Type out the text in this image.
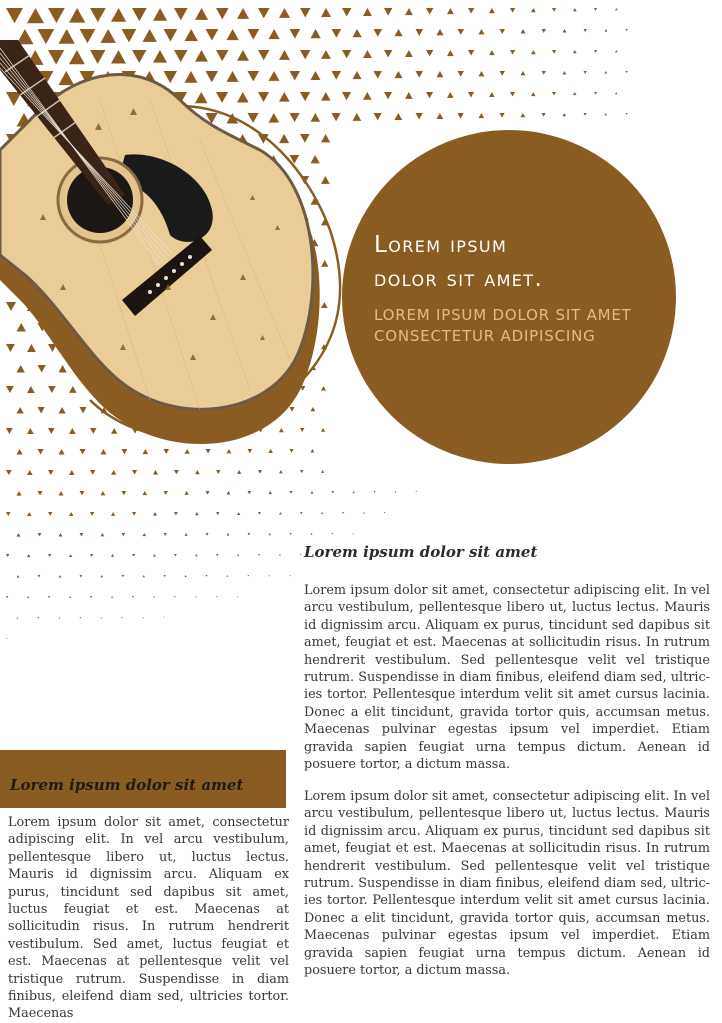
Lorem ipsum
dolor sit amet.

LOREM IPSUM DOLOR SIT AMET
CONSECTETUR ADIPISCING

Lorem ipsum dolor sit amet

Lorem ipsum dolor sit amet, consectetur adipiscing elit. In vel arcu vestibulum, pellentesque libero ut, luctus lectus. Mauris id dignissim arcu. Aliquam ex purus, tincidunt sed dapibus sit amet, feugiat et est. Maecenas at sollicitudin risus. In rutrum hendrerit vestibulum. Sed pellentesque velit vel tristique rutrum. Suspendisse in diam finibus, eleifend diam sed, ultricies tortor. Pellentesque interdum velit sit amet cursus lacinia. Donec a elit tincidunt, gravida tortor quis, accumsan metus. Maecenas pulvinar egestas ipsum vel imperdiet. Etiam gravida sapien feugiat urna tempus dictum. Aenean id posuere tortor, a dictum massa.

Lorem ipsum dolor sit amet, consectetur adipiscing elit. In vel arcu vestibulum, pellentesque libero ut, luctus lectus. Mauris id dignissim arcu. Aliquam ex purus, tincidunt sed dapibus sit amet, feugiat et est. Maecenas at sollicitudin risus. In rutrum hendrerit vestibulum. Sed pellentesque velit vel tristique rutrum. Suspendisse in diam finibus, eleifend diam sed, ultricies tortor. Pellentesque interdum velit sit amet cursus lacinia. Donec a elit tincidunt, gravida tortor quis, accumsan metus. Maecenas pulvinar egestas ipsum vel imperdiet. Etiam gravida sapien feugiat urna tempus dictum. Aenean id posuere tortor, a dictum massa.

Lorem ipsum dolor sit amet

Lorem ipsum dolor sit amet, consectetur adipiscing elit. In vel arcu vestibulum, pellentesque libero ut, luctus lectus. Mauris id dignissim arcu. Aliquam ex purus, tincidunt sed dapibus sit amet, luctus feugiat et est. Maecenas at sollicitudin risus. In rutrum hendrerit vestibulum. Sed amet, luctus feugiat et est. Maecenas at pellentesque velit vel tristique rutrum. Suspendisse in diam finibus, eleifend diam sed, ultricies tortor. Maecenas
